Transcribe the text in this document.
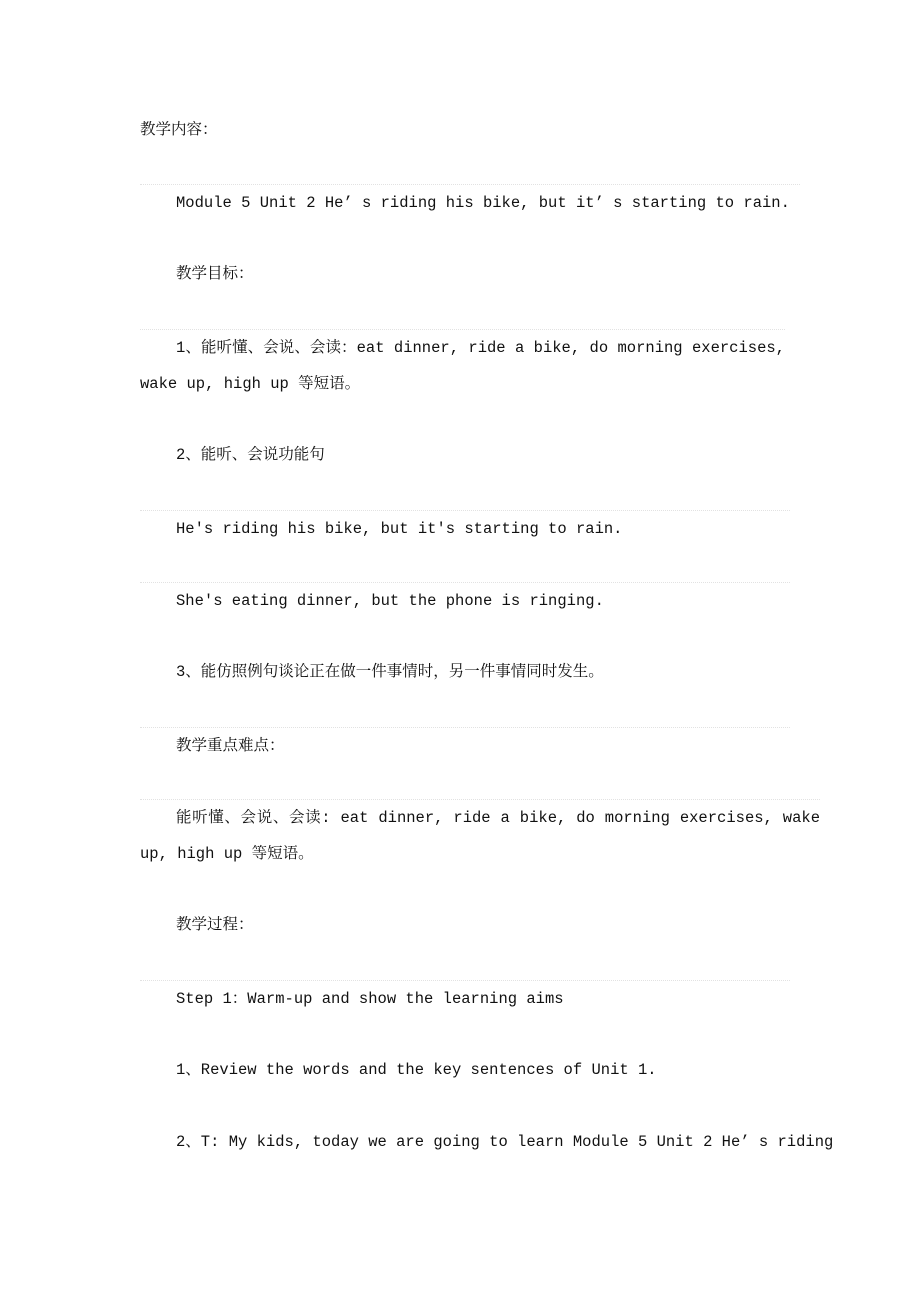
教学内容：
Module 5 Unit 2 He’ s riding his bike, but it’ s starting to rain.
教学目标：
1、能听懂、会说、会读：eat dinner, ride a bike, do morning exercises, wake up, high up 等短语。
2、能听、会说功能句
He's riding his bike, but it's starting to rain.
She's eating dinner, but the phone is ringing.
3、能仿照例句谈论正在做一件事情时，另一件事情同时发生。
教学重点难点：
能听懂、会说、会读: eat dinner, ride a bike, do morning exercises, wake up, high up 等短语。
教学过程：
Step 1：Warm-up and show the learning aims
1、Review the words and the key sentences of Unit 1.
2、T: My kids, today we are going to learn Module 5 Unit 2 He’ s riding
